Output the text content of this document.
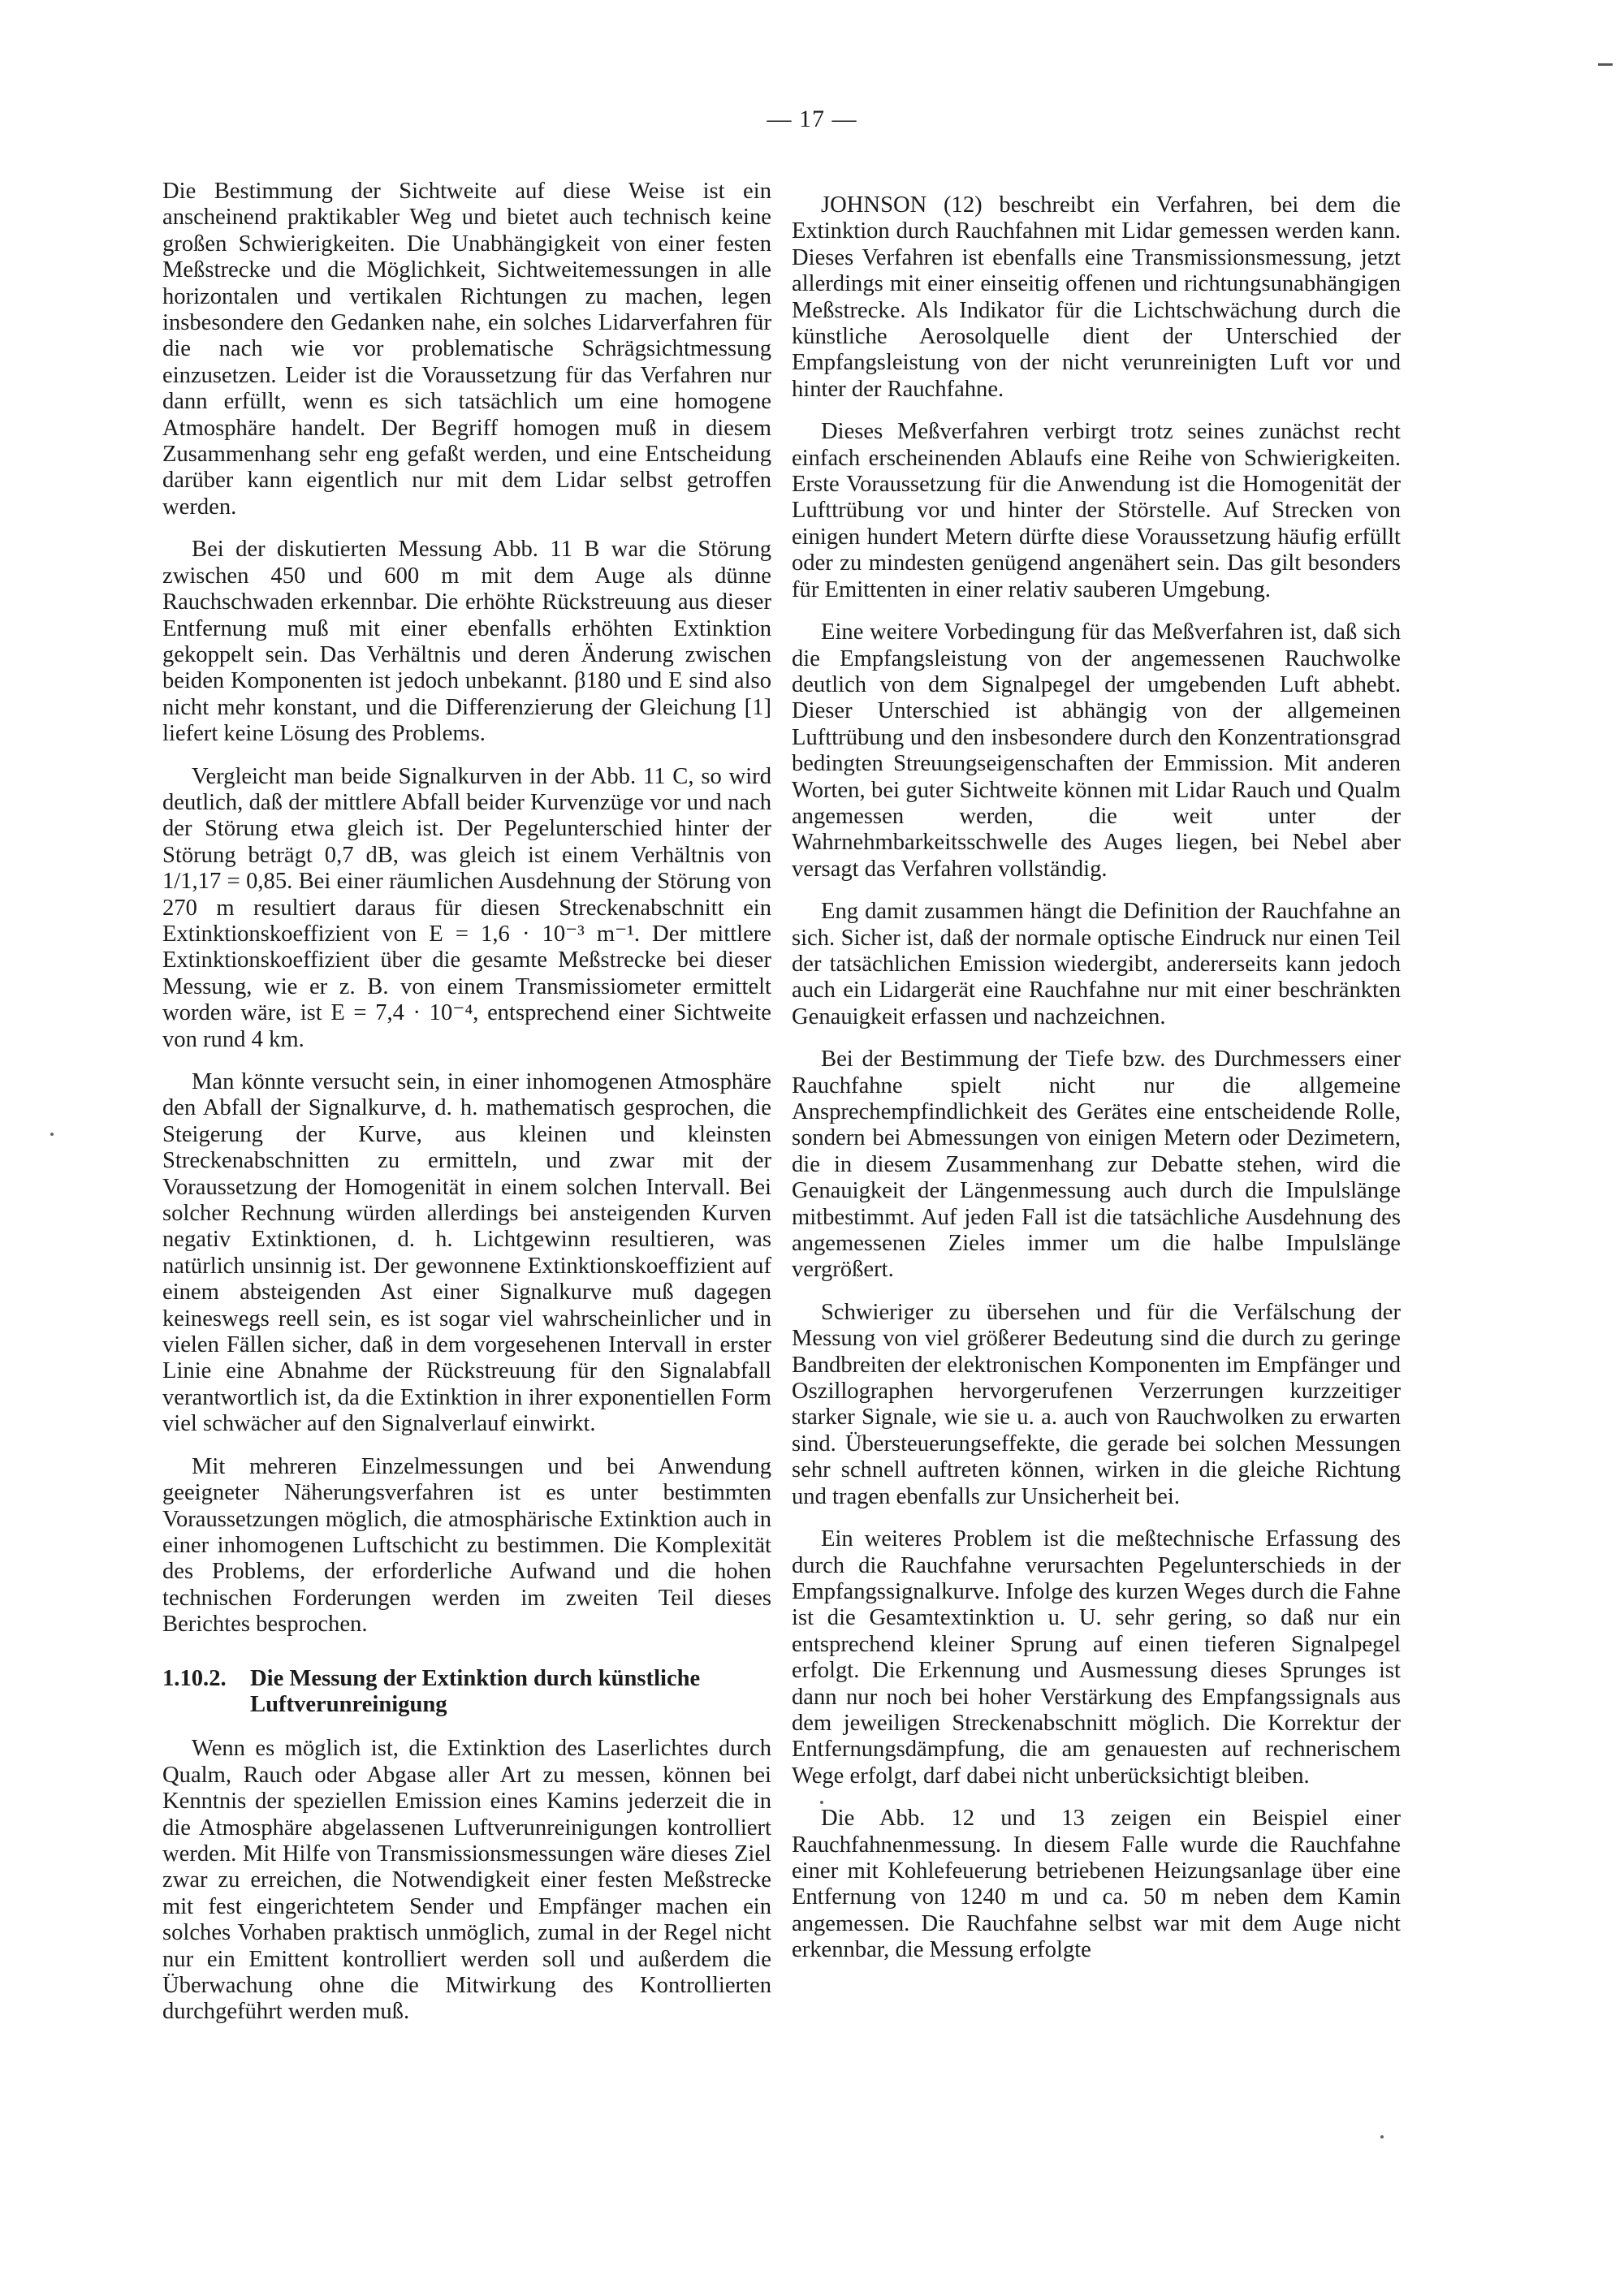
— 17 —

Die Bestimmung der Sichtweite auf diese Weise ist ein anscheinend praktikabler Weg und bietet auch technisch keine großen Schwierigkeiten. Die Unabhängigkeit von einer festen Meßstrecke und die Möglichkeit, Sichtweitemessungen in alle horizontalen und vertikalen Richtungen zu machen, legen insbesondere den Gedanken nahe, ein solches Lidarverfahren für die nach wie vor problematische Schrägsichtmessung einzusetzen. Leider ist die Voraussetzung für das Verfahren nur dann erfüllt, wenn es sich tatsächlich um eine homogene Atmosphäre handelt. Der Begriff homogen muß in diesem Zusammenhang sehr eng gefaßt werden, und eine Entscheidung darüber kann eigentlich nur mit dem Lidar selbst getroffen werden.

Bei der diskutierten Messung Abb. 11 B war die Störung zwischen 450 und 600 m mit dem Auge als dünne Rauchschwaden erkennbar. Die erhöhte Rückstreuung aus dieser Entfernung muß mit einer ebenfalls erhöhten Extinktion gekoppelt sein. Das Verhältnis und deren Änderung zwischen beiden Komponenten ist jedoch unbekannt. β180 und E sind also nicht mehr konstant, und die Differenzierung der Gleichung [1] liefert keine Lösung des Problems.

Vergleicht man beide Signalkurven in der Abb. 11 C, so wird deutlich, daß der mittlere Abfall beider Kurvenzüge vor und nach der Störung etwa gleich ist. Der Pegelunterschied hinter der Störung beträgt 0,7 dB, was gleich ist einem Verhältnis von 1/1,17 = 0,85. Bei einer räumlichen Ausdehnung der Störung von 270 m resultiert daraus für diesen Streckenabschnitt ein Extinktionskoeffizient von E = 1,6 · 10⁻³ m⁻¹. Der mittlere Extinktionskoeffizient über die gesamte Meßstrecke bei dieser Messung, wie er z. B. von einem Transmissiometer ermittelt worden wäre, ist E = 7,4 · 10⁻⁴, entsprechend einer Sichtweite von rund 4 km.

Man könnte versucht sein, in einer inhomogenen Atmosphäre den Abfall der Signalkurve, d. h. mathematisch gesprochen, die Steigerung der Kurve, aus kleinen und kleinsten Streckenabschnitten zu ermitteln, und zwar mit der Voraussetzung der Homogenität in einem solchen Intervall. Bei solcher Rechnung würden allerdings bei ansteigenden Kurven negativ Extinktionen, d. h. Lichtgewinn resultieren, was natürlich unsinnig ist. Der gewonnene Extinktionskoeffizient auf einem absteigenden Ast einer Signalkurve muß dagegen keineswegs reell sein, es ist sogar viel wahrscheinlicher und in vielen Fällen sicher, daß in dem vorgesehenen Intervall in erster Linie eine Abnahme der Rückstreuung für den Signalabfall verantwortlich ist, da die Extinktion in ihrer exponentiellen Form viel schwächer auf den Signalverlauf einwirkt.

Mit mehreren Einzelmessungen und bei Anwendung geeigneter Näherungsverfahren ist es unter bestimmten Voraussetzungen möglich, die atmosphärische Extinktion auch in einer inhomogenen Luftschicht zu bestimmen. Die Komplexität des Problems, der erforderliche Aufwand und die hohen technischen Forderungen werden im zweiten Teil dieses Berichtes besprochen.

1.10.2.	Die Messung der Extinktion durch künstliche Luftverunreinigung

Wenn es möglich ist, die Extinktion des Laserlichtes durch Qualm, Rauch oder Abgase aller Art zu messen, können bei Kenntnis der speziellen Emission eines Kamins jederzeit die in die Atmosphäre abgelassenen Luftverunreinigungen kontrolliert werden. Mit Hilfe von Transmissionsmessungen wäre dieses Ziel zwar zu erreichen, die Notwendigkeit einer festen Meßstrecke mit fest eingerichtetem Sender und Empfänger machen ein solches Vorhaben praktisch unmöglich, zumal in der Regel nicht nur ein Emittent kontrolliert werden soll und außerdem die Überwachung ohne die Mitwirkung des Kontrollierten durchgeführt werden muß.

JOHNSON (12) beschreibt ein Verfahren, bei dem die Extinktion durch Rauchfahnen mit Lidar gemessen werden kann. Dieses Verfahren ist ebenfalls eine Transmissionsmessung, jetzt allerdings mit einer einseitig offenen und richtungsunabhängigen Meßstrecke. Als Indikator für die Lichtschwächung durch die künstliche Aerosolquelle dient der Unterschied der Empfangsleistung von der nicht verunreinigten Luft vor und hinter der Rauchfahne.

Dieses Meßverfahren verbirgt trotz seines zunächst recht einfach erscheinenden Ablaufs eine Reihe von Schwierigkeiten. Erste Voraussetzung für die Anwendung ist die Homogenität der Lufttrübung vor und hinter der Störstelle. Auf Strecken von einigen hundert Metern dürfte diese Voraussetzung häufig erfüllt oder zu mindesten genügend angenähert sein. Das gilt besonders für Emittenten in einer relativ sauberen Umgebung.

Eine weitere Vorbedingung für das Meßverfahren ist, daß sich die Empfangsleistung von der angemessenen Rauchwolke deutlich von dem Signalpegel der umgebenden Luft abhebt. Dieser Unterschied ist abhängig von der allgemeinen Lufttrübung und den insbesondere durch den Konzentrationsgrad bedingten Streuungseigenschaften der Emmission. Mit anderen Worten, bei guter Sichtweite können mit Lidar Rauch und Qualm angemessen werden, die weit unter der Wahrnehmbarkeitsschwelle des Auges liegen, bei Nebel aber versagt das Verfahren vollständig.

Eng damit zusammen hängt die Definition der Rauchfahne an sich. Sicher ist, daß der normale optische Eindruck nur einen Teil der tatsächlichen Emission wiedergibt, andererseits kann jedoch auch ein Lidargerät eine Rauchfahne nur mit einer beschränkten Genauigkeit erfassen und nachzeichnen.

Bei der Bestimmung der Tiefe bzw. des Durchmessers einer Rauchfahne spielt nicht nur die allgemeine Ansprechempfindlichkeit des Gerätes eine entscheidende Rolle, sondern bei Abmessungen von einigen Metern oder Dezimetern, die in diesem Zusammenhang zur Debatte stehen, wird die Genauigkeit der Längenmessung auch durch die Impulslänge mitbestimmt. Auf jeden Fall ist die tatsächliche Ausdehnung des angemessenen Zieles immer um die halbe Impulslänge vergrößert.

Schwieriger zu übersehen und für die Verfälschung der Messung von viel größerer Bedeutung sind die durch zu geringe Bandbreiten der elektronischen Komponenten im Empfänger und Oszillographen hervorgerufenen Verzerrungen kurzzeitiger starker Signale, wie sie u. a. auch von Rauchwolken zu erwarten sind. Übersteuerungseffekte, die gerade bei solchen Messungen sehr schnell auftreten können, wirken in die gleiche Richtung und tragen ebenfalls zur Unsicherheit bei.

Ein weiteres Problem ist die meßtechnische Erfassung des durch die Rauchfahne verursachten Pegelunterschieds in der Empfangssignalkurve. Infolge des kurzen Weges durch die Fahne ist die Gesamtextinktion u. U. sehr gering, so daß nur ein entsprechend kleiner Sprung auf einen tieferen Signalpegel erfolgt. Die Erkennung und Ausmessung dieses Sprunges ist dann nur noch bei hoher Verstärkung des Empfangssignals aus dem jeweiligen Streckenabschnitt möglich. Die Korrektur der Entfernungsdämpfung, die am genauesten auf rechnerischem Wege erfolgt, darf dabei nicht unberücksichtigt bleiben.

Die Abb. 12 und 13 zeigen ein Beispiel einer Rauchfahnenmessung. In diesem Falle wurde die Rauchfahne einer mit Kohlefeuerung betriebenen Heizungsanlage über eine Entfernung von 1240 m und ca. 50 m neben dem Kamin angemessen. Die Rauchfahne selbst war mit dem Auge nicht erkennbar, die Messung erfolgte
